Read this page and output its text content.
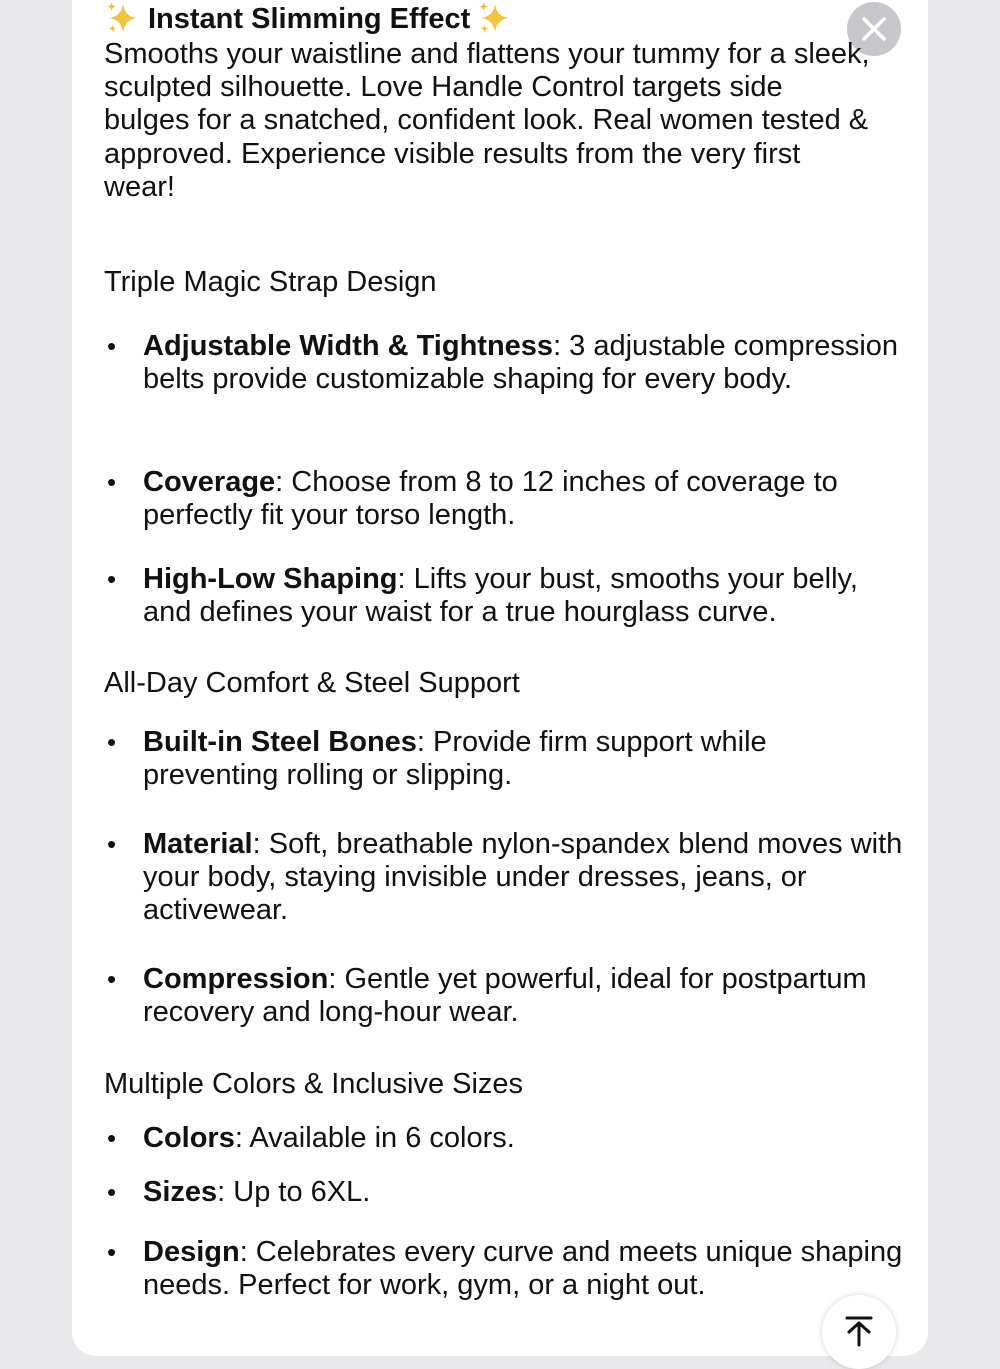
Instant Slimming Effect

Smooths your waistline and flattens your tummy for a sleek, sculpted silhouette. Love Handle Control targets side bulges for a snatched, confident look. Real women tested & approved. Experience visible results from the very first wear!

Triple Magic Strap Design
• Adjustable Width & Tightness: 3 adjustable compression belts provide customizable shaping for every body.
• Coverage: Choose from 8 to 12 inches of coverage to perfectly fit your torso length.
• High-Low Shaping: Lifts your bust, smooths your belly, and defines your waist for a true hourglass curve.
All-Day Comfort & Steel Support
• Built-in Steel Bones: Provide firm support while preventing rolling or slipping.
• Material: Soft, breathable nylon-spandex blend moves with your body, staying invisible under dresses, jeans, or activewear.
• Compression: Gentle yet powerful, ideal for postpartum recovery and long-hour wear.
Multiple Colors & Inclusive Sizes
• Colors: Available in 6 colors.
• Sizes: Up to 6XL.
• Design: Celebrates every curve and meets unique shaping needs. Perfect for work, gym, or a night out.
